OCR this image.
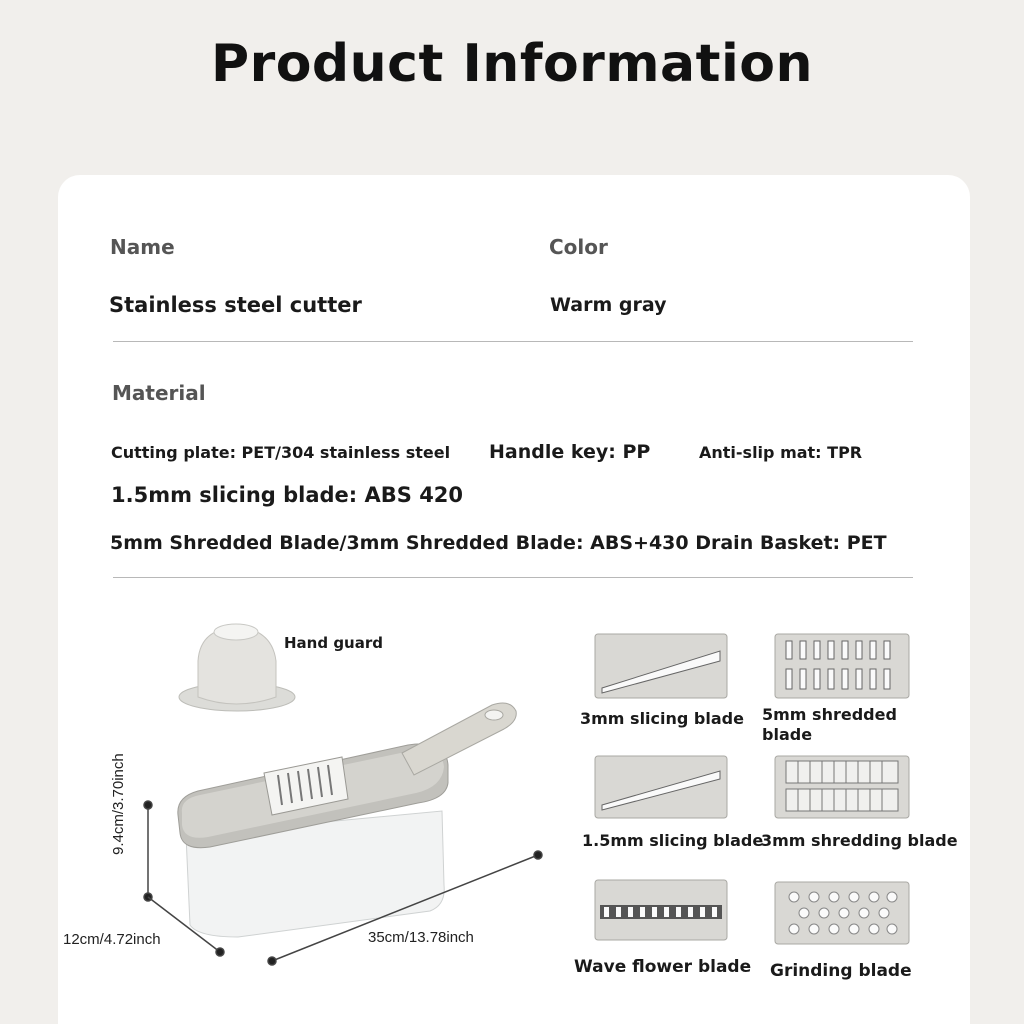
Product Information
Name	Color
Stainless steel cutter	Warm gray
Material
Cutting plate: PET/304 stainless steel Handle key: PP	Anti-slip mat: TPR
1.5mm slicing blade: ABS 420
5mm Shredded Blade/3mm Shredded Blade: ABS+430 Drain Basket: PET
Hand guard
9.4cm/3.70inch
12cm/4.72inch	35cm/13.78inch
3mm slicing blade 5mm shredded
blade
1.5mm slicing blade
3mm shredding blade
Wave flower blade Grinding blade
